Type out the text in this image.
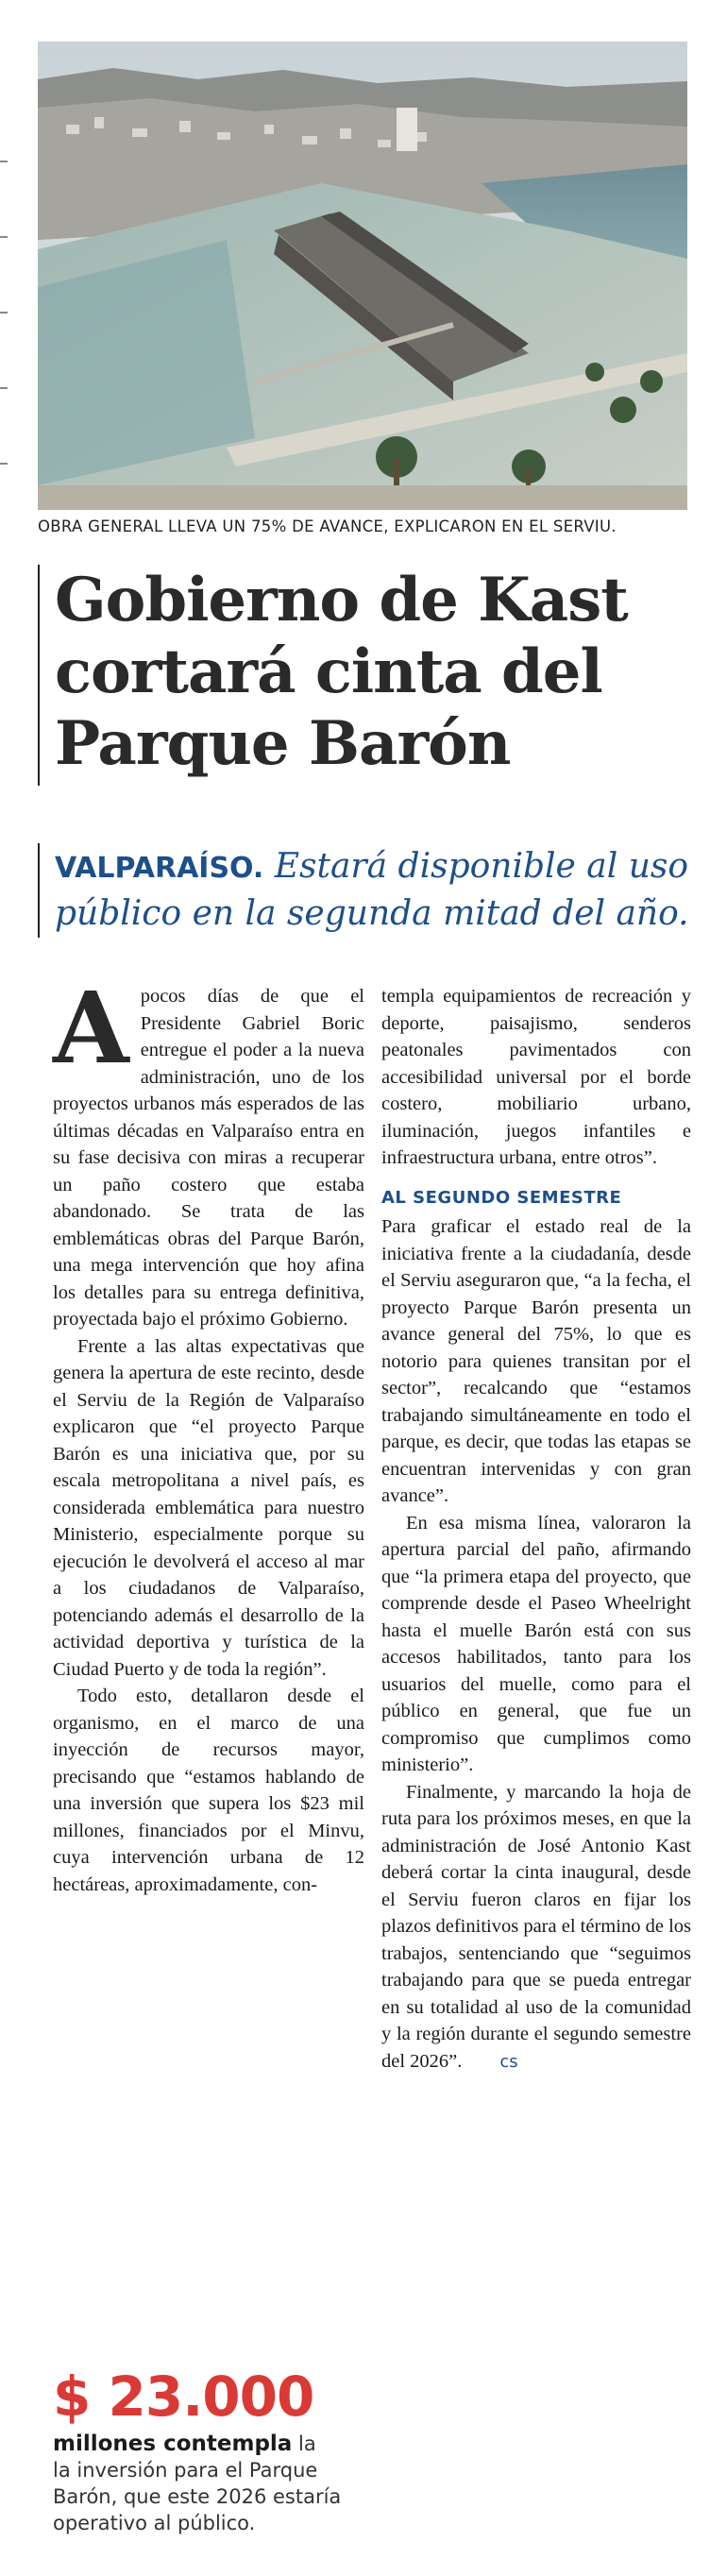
OBRA GENERAL LLEVA UN 75% DE AVANCE, EXPLICARON EN EL SERVIU.
Gobierno de Kast
cortará cinta del
Parque Barón
VALPARAÍSO. Estará disponible al uso
público en la segunda mitad del año.

Apocos días de que el Presidente Gabriel Boric entregue el poder a la nueva administración, uno de los proyectos urbanos más esperados de las últimas décadas en Valparaíso entra en su fase decisiva con miras a recuperar un paño costero que estaba abandonado. Se trata de las emblemáticas obras del Parque Barón, una mega intervención que hoy afina los detalles para su entrega definitiva, proyectada bajo el próximo Gobierno.

Frente a las altas expectativas que genera la apertura de este recinto, desde el Serviu de la Región de Valparaíso explicaron que “el proyecto Parque Barón es una iniciativa que, por su escala metropolitana a nivel país, es considerada emblemática para nuestro Ministerio, especialmente porque su ejecución le devolverá el acceso al mar a los ciudadanos de Valparaíso, potenciando además el desarrollo de la actividad deportiva y turística de la Ciudad Puerto y de toda la región”.

Todo esto, detallaron desde el organismo, en el marco de una inyección de recursos mayor, precisando que “estamos hablando de una inversión que supera los $23 mil millones, financiados por el Minvu, cuya intervención urbana de 12 hectáreas, aproximadamente, con-

templa equipamientos de recreación y deporte, paisajismo, senderos peatonales pavimentados con accesibilidad universal por el borde costero, mobiliario urbano, iluminación, juegos infantiles e infraestructura urbana, entre otros”.

AL SEGUNDO SEMESTRE

Para graficar el estado real de la iniciativa frente a la ciudadanía, desde el Serviu aseguraron que, “a la fecha, el proyecto Parque Barón presenta un avance general del 75%, lo que es notorio para quienes transitan por el sector”, recalcando que “estamos trabajando simultáneamente en todo el parque, es decir, que todas las etapas se encuentran intervenidas y con gran avance”.

En esa misma línea, valoraron la apertura parcial del paño, afirmando que “la primera etapa del proyecto, que comprende desde el Paseo Wheelright hasta el muelle Barón está con sus accesos habilitados, tanto para los usuarios del muelle, como para el público en general, que fue un compromiso que cumplimos como ministerio”.

Finalmente, y marcando la hoja de ruta para los próximos meses, en que la administración de José Antonio Kast deberá cortar la cinta inaugural, desde el Serviu fueron claros en fijar los plazos definitivos para el término de los trabajos, sentenciando que “seguimos trabajando para que se pueda entregar en su totalidad al uso de la comunidad y la región durante el segundo semestre del 2026”. cs

$ 23.000
millones contempla la
la inversión para el Parque Barón, que este 2026 estaría operativo al público.
